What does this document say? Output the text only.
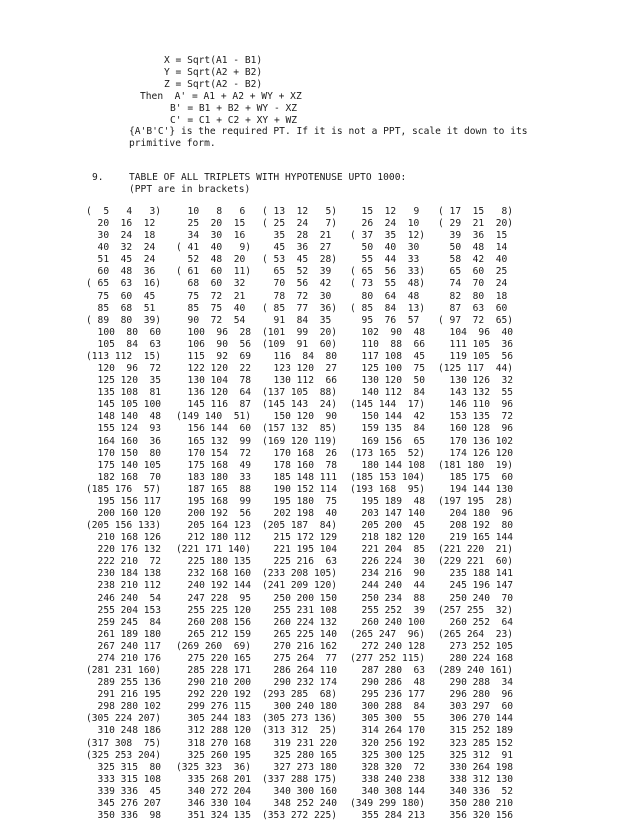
X = Sqrt(A1 - B1)
Y = Sqrt(A2 + B2)
Z = Sqrt(A2 - B2)
Then  A' = A1 + A2 + WY + XZ
B' = B1 + B2 + WY - XZ
C' = C1 + C2 + XY + WZ
{A'B'C'} is the required PT. If it is not a PPT, scale it down to its
primitive form.
9.	TABLE OF ALL TRIPLETS WITH HYPOTENUSE UPTO 1000:
(PPT are in brackets)
(  5   4   3) 10   8   6 ( 13  12   5) 15  12   9 ( 17  15   8)
20  16  12 25  20  15 ( 25  24   7) 26  24  10 ( 29  21  20)
30  24  18 34  30  16 35  28  21 ( 37  35  12) 39  36  15
40  32  24 ( 41  40   9) 45  36  27 50  40  30 50  48  14
51  45  24 52  48  20 ( 53  45  28) 55  44  33 58  42  40
60  48  36 ( 61  60  11) 65  52  39 ( 65  56  33) 65  60  25
( 65  63  16) 68  60  32 70  56  42 ( 73  55  48) 74  70  24
75  60  45 75  72  21 78  72  30 80  64  48 82  80  18
85  68  51 85  75  40 ( 85  77  36) ( 85  84  13) 87  63  60
( 89  80  39) 90  72  54 91  84  35 95  76  57 ( 97  72  65)
100  80  60 100  96  28 (101  99  20) 102  90  48 104  96  40
105  84  63 106  90  56 (109  91  60) 110  88  66 111 105  36
(113 112  15) 115  92  69 116  84  80 117 108  45 119 105  56
120  96  72 122 120  22 123 120  27 125 100  75 (125 117  44)
125 120  35 130 104  78 130 112  66 130 120  50 130 126  32
135 108  81 136 120  64 (137 105  88) 140 112  84 143 132  55
145 105 100 145 116  87 (145 143  24) (145 144  17) 146 110  96
148 140  48 (149 140  51) 150 120  90 150 144  42 153 135  72
155 124  93 156 144  60 (157 132  85) 159 135  84 160 128  96
164 160  36 165 132  99 (169 120 119) 169 156  65 170 136 102
170 150  80 170 154  72 170 168  26 (173 165  52) 174 126 120
175 140 105 175 168  49 178 160  78 180 144 108 (181 180  19)
182 168  70 183 180  33 185 148 111 (185 153 104) 185 175  60
(185 176  57) 187 165  88 190 152 114 (193 168  95) 194 144 130
195 156 117 195 168  99 195 180  75 195 189  48 (197 195  28)
200 160 120 200 192  56 202 198  40 203 147 140 204 180  96
(205 156 133) 205 164 123 (205 187  84) 205 200  45 208 192  80
210 168 126 212 180 112 215 172 129 218 182 120 219 165 144
220 176 132 (221 171 140) 221 195 104 221 204  85 (221 220  21)
222 210  72 225 180 135 225 216  63 226 224  30 (229 221  60)
230 184 138 232 168 160 (233 208 105) 234 216  90 235 188 141
238 210 112 240 192 144 (241 209 120) 244 240  44 245 196 147
246 240  54 247 228  95 250 200 150 250 234  88 250 240  70
255 204 153 255 225 120 255 231 108 255 252  39 (257 255  32)
259 245  84 260 208 156 260 224 132 260 240 100 260 252  64
261 189 180 265 212 159 265 225 140 (265 247  96) (265 264  23)
267 240 117 (269 260  69) 270 216 162 272 240 128 273 252 105
274 210 176 275 220 165 275 264  77 (277 252 115) 280 224 168
(281 231 160) 285 228 171 286 264 110 287 280  63 (289 240 161)
289 255 136 290 210 200 290 232 174 290 286  48 290 288  34
291 216 195 292 220 192 (293 285  68) 295 236 177 296 280  96
298 280 102 299 276 115 300 240 180 300 288  84 303 297  60
(305 224 207) 305 244 183 (305 273 136) 305 300  55 306 270 144
310 248 186 312 288 120 (313 312  25) 314 264 170 315 252 189
(317 308  75) 318 270 168 319 231 220 320 256 192 323 285 152
(325 253 204) 325 260 195 325 280 165 325 300 125 325 312  91
325 315  80 (325 323  36) 327 273 180 328 320  72 330 264 198
333 315 108 335 268 201 (337 288 175) 338 240 238 338 312 130
339 336  45 340 272 204 340 300 160 340 308 144 340 336  52
345 276 207 346 330 104 348 252 240 (349 299 180) 350 280 210
350 336  98 351 324 135 (353 272 225) 355 284 213 356 320 156
